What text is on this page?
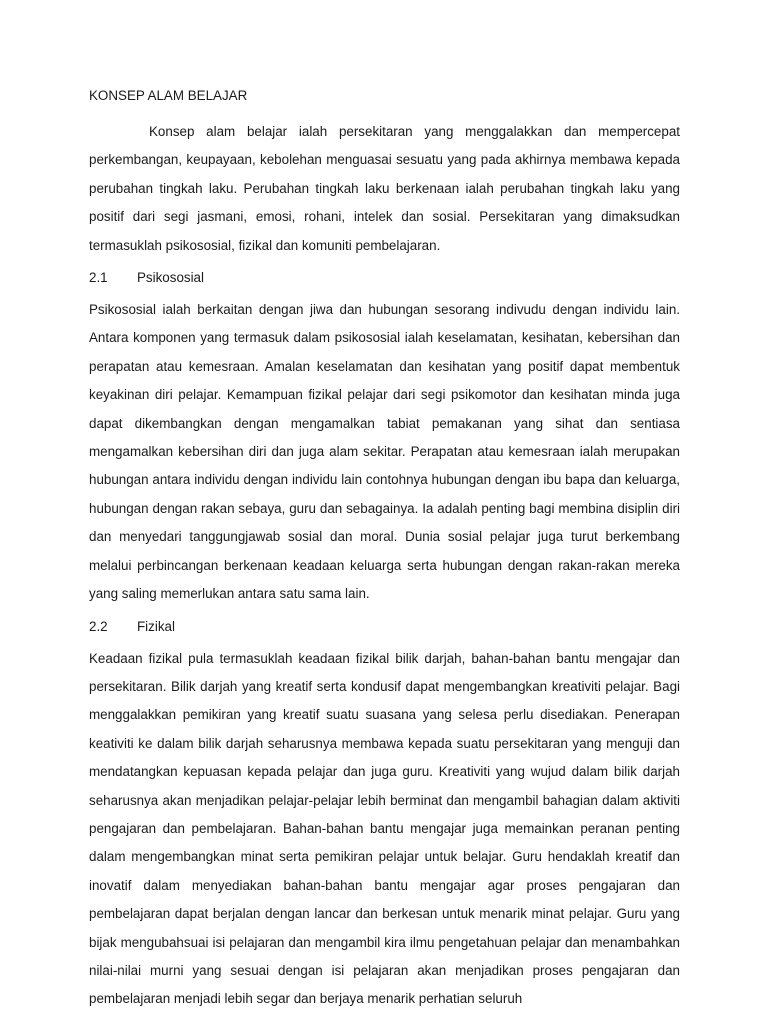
KONSEP ALAM BELAJAR

Konsep alam belajar ialah persekitaran yang menggalakkan dan mempercepat perkembangan, keupayaan, kebolehan menguasai sesuatu yang pada akhirnya membawa kepada perubahan tingkah laku. Perubahan tingkah laku berkenaan ialah perubahan tingkah laku yang positif dari segi jasmani, emosi, rohani, intelek dan sosial. Persekitaran yang dimaksudkan termasuklah psikososial, fizikal dan komuniti pembelajaran.

2.1	Psikososial

Psikososial ialah berkaitan dengan jiwa dan hubungan sesorang indivudu dengan individu lain. Antara komponen yang termasuk dalam psikososial ialah keselamatan, kesihatan, kebersihan dan perapatan atau kemesraan. Amalan keselamatan dan kesihatan yang positif dapat membentuk keyakinan diri pelajar. Kemampuan fizikal pelajar dari segi psikomotor dan kesihatan minda juga dapat dikembangkan dengan mengamalkan tabiat pemakanan yang sihat dan sentiasa mengamalkan kebersihan diri dan juga alam sekitar. Perapatan atau kemesraan ialah merupakan hubungan antara individu dengan individu lain contohnya hubungan dengan ibu bapa dan keluarga, hubungan dengan rakan sebaya, guru dan sebagainya. Ia adalah penting bagi membina disiplin diri dan menyedari tanggungjawab sosial dan moral. Dunia sosial pelajar juga turut berkembang melalui perbincangan berkenaan keadaan keluarga serta hubungan dengan rakan-rakan mereka yang saling memerlukan antara satu sama lain.

2.2	Fizikal

Keadaan fizikal pula termasuklah keadaan fizikal bilik darjah, bahan-bahan bantu mengajar dan persekitaran. Bilik darjah yang kreatif serta kondusif dapat mengembangkan kreativiti pelajar. Bagi menggalakkan pemikiran yang kreatif suatu suasana yang selesa perlu disediakan. Penerapan keativiti ke dalam bilik darjah seharusnya membawa kepada suatu persekitaran yang menguji dan mendatangkan kepuasan kepada pelajar dan juga guru. Kreativiti yang wujud dalam bilik darjah seharusnya akan menjadikan pelajar-pelajar lebih berminat dan mengambil bahagian dalam aktiviti pengajaran dan pembelajaran. Bahan-bahan bantu mengajar juga memainkan peranan penting dalam mengembangkan minat serta pemikiran pelajar untuk belajar. Guru hendaklah kreatif dan inovatif dalam menyediakan bahan-bahan bantu mengajar agar proses pengajaran dan pembelajaran dapat berjalan dengan lancar dan berkesan untuk menarik minat pelajar. Guru yang bijak mengubahsuai isi pelajaran dan mengambil kira ilmu pengetahuan pelajar dan menambahkan nilai-nilai murni yang sesuai dengan isi pelajaran akan menjadikan proses pengajaran dan pembelajaran menjadi lebih segar dan berjaya menarik perhatian seluruh
